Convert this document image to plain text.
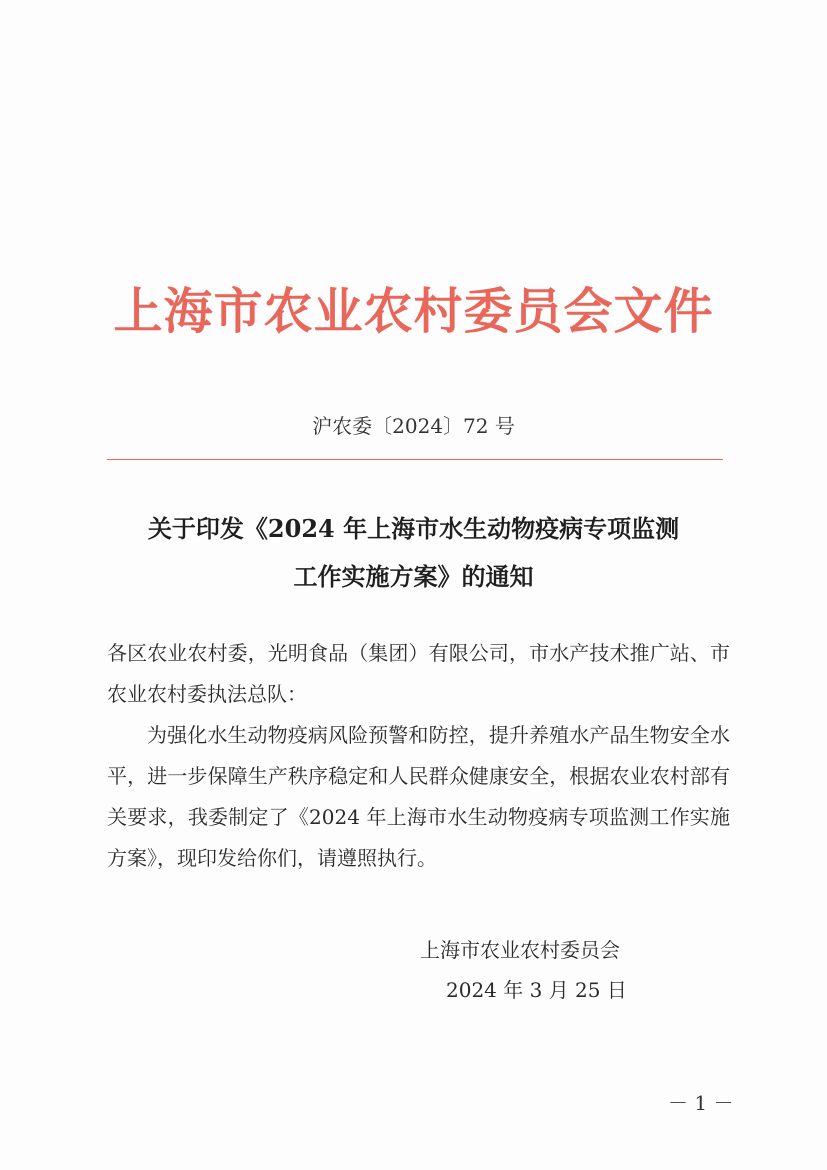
上海市农业农村委员会文件
沪农委〔2024〕72 号
关于印发《2024 年上海市水生动物疫病专项监测
工作实施方案》的通知

各区农业农村委，光明食品（集团）有限公司，市水产技术推广站、市农业农村委执法总队：

为强化水生动物疫病风险预警和防控，提升养殖水产品生物安全水平，进一步保障生产秩序稳定和人民群众健康安全，根据农业农村部有关要求，我委制定了《2024 年上海市水生动物疫病专项监测工作实施方案》，现印发给你们，请遵照执行。

上海市农业农村委员会
2024 年 3 月 25 日
－ 1 －
